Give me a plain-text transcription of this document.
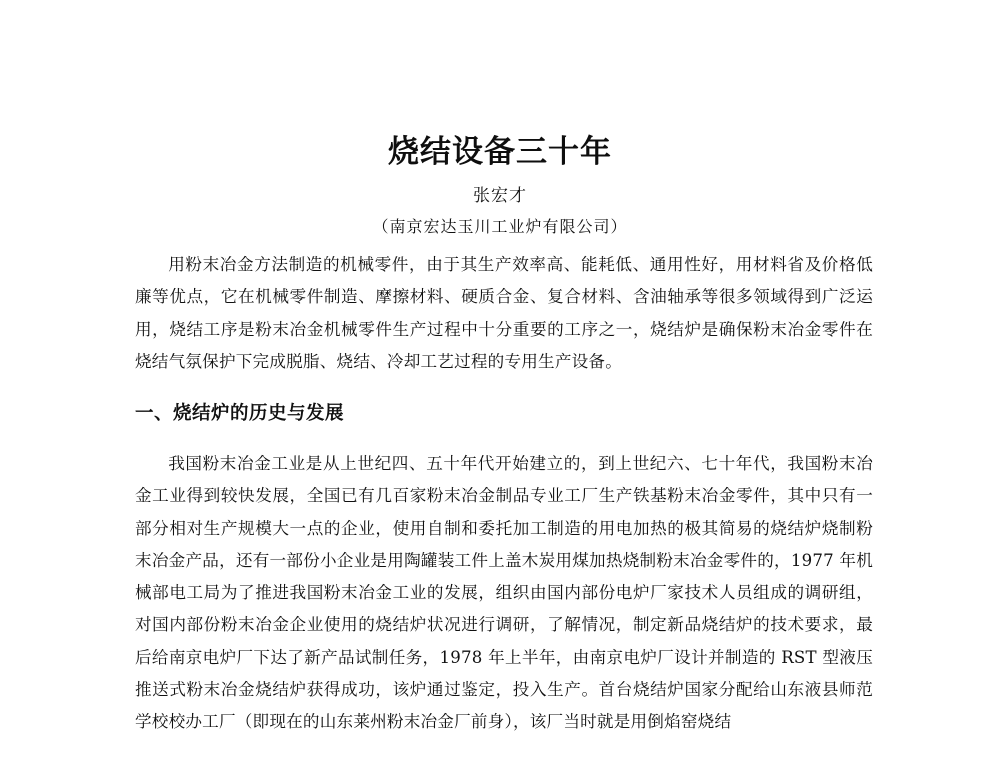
烧结设备三十年
张宏才
（南京宏达玉川工业炉有限公司）

用粉末冶金方法制造的机械零件，由于其生产效率高、能耗低、通用性好，用材料省及价格低廉等优点，它在机械零件制造、摩擦材料、硬质合金、复合材料、含油轴承等很多领域得到广泛运用，烧结工序是粉末冶金机械零件生产过程中十分重要的工序之一，烧结炉是确保粉末冶金零件在烧结气氛保护下完成脱脂、烧结、冷却工艺过程的专用生产设备。

一、烧结炉的历史与发展

我国粉末冶金工业是从上世纪四、五十年代开始建立的，到上世纪六、七十年代，我国粉末冶金工业得到较快发展，全国已有几百家粉末冶金制品专业工厂生产铁基粉末冶金零件，其中只有一部分相对生产规模大一点的企业，使用自制和委托加工制造的用电加热的极其简易的烧结炉烧制粉末冶金产品，还有一部份小企业是用陶罐装工件上盖木炭用煤加热烧制粉末冶金零件的，1977 年机械部电工局为了推进我国粉末冶金工业的发展，组织由国内部份电炉厂家技术人员组成的调研组，对国内部份粉末冶金企业使用的烧结炉状况进行调研，了解情况，制定新品烧结炉的技术要求，最后给南京电炉厂下达了新产品试制任务，1978 年上半年，由南京电炉厂设计并制造的 RST 型液压推送式粉末冶金烧结炉获得成功，该炉通过鉴定，投入生产。首台烧结炉国家分配给山东液县师范学校校办工厂（即现在的山东莱州粉末冶金厂前身），该厂当时就是用倒焰窑烧结
